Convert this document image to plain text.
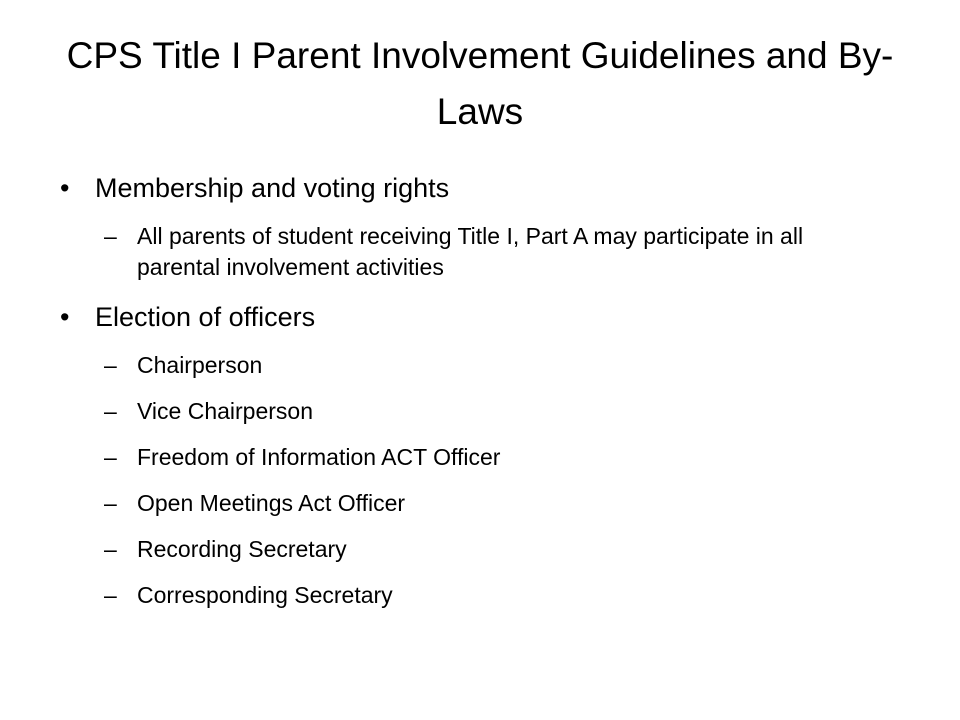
CPS Title I Parent Involvement Guidelines and By-Laws
• Membership and voting rights
– All parents of student receiving Title I, Part A may participate in all parental involvement activities
• Election of officers
– Chairperson
– Vice Chairperson
– Freedom of Information ACT Officer
– Open Meetings Act Officer
– Recording Secretary
– Corresponding Secretary
